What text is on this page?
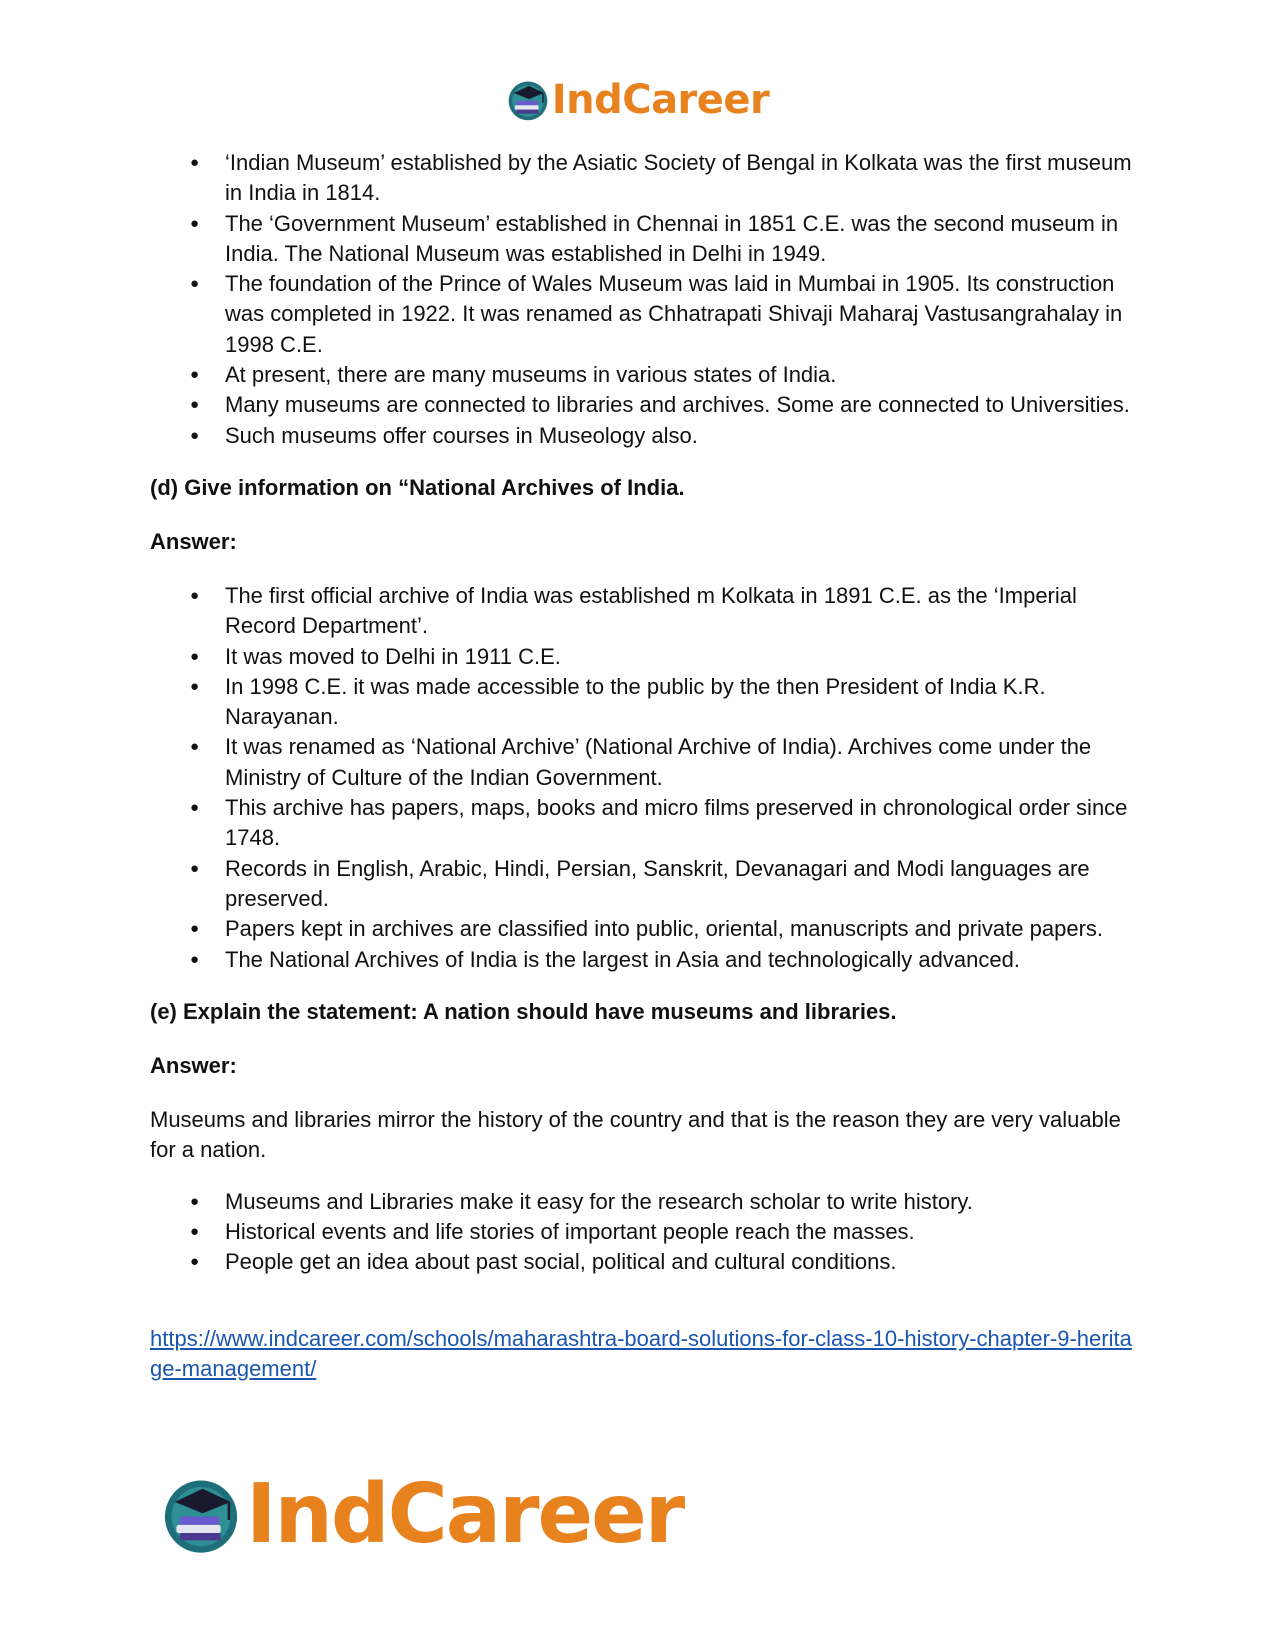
IndCareer
● ‘Indian Museum’ established by the Asiatic Society of Bengal in Kolkata was the first museum in India in 1814.
● The ‘Government Museum’ established in Chennai in 1851 C.E. was the second museum in India. The National Museum was established in Delhi in 1949.
● The foundation of the Prince of Wales Museum was laid in Mumbai in 1905. Its construction was completed in 1922. It was renamed as Chhatrapati Shivaji Maharaj Vastusangrahalay in 1998 C.E.
● At present, there are many museums in various states of India.
● Many museums are connected to libraries and archives. Some are connected to Universities.
● Such museums offer courses in Museology also.

(d) Give information on “National Archives of India.

Answer:

● The first official archive of India was established m Kolkata in 1891 C.E. as the ‘Imperial Record Department’.
● It was moved to Delhi in 1911 C.E.
● In 1998 C.E. it was made accessible to the public by the then President of India K.R. Narayanan.
● It was renamed as ‘National Archive’ (National Archive of India). Archives come under the Ministry of Culture of the Indian Government.
● This archive has papers, maps, books and micro films preserved in chronological order since 1748.
● Records in English, Arabic, Hindi, Persian, Sanskrit, Devanagari and Modi languages are preserved.
● Papers kept in archives are classified into public, oriental, manuscripts and private papers.
● The National Archives of India is the largest in Asia and technologically advanced.

(e) Explain the statement: A nation should have museums and libraries.

Answer:

Museums and libraries mirror the history of the country and that is the reason they are very valuable for a nation.

● Museums and Libraries make it easy for the research scholar to write history.
● Historical events and life stories of important people reach the masses.
● People get an idea about past social, political and cultural conditions.
https://www.indcareer.com/schools/maharashtra-board-solutions-for-class-10-history-chapter-9-heritage-management/
IndCareer
